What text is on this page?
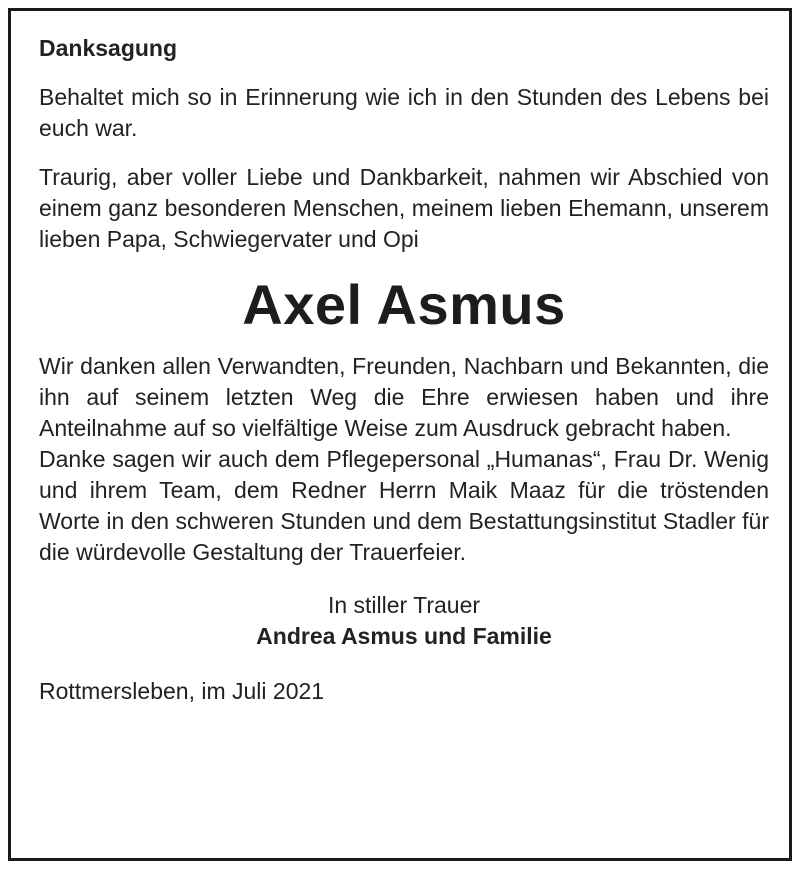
Danksagung

Behaltet mich so in Erinnerung wie ich in den Stunden des Lebens bei euch war.

Traurig, aber voller Liebe und Dankbarkeit, nahmen wir Abschied von einem ganz besonderen Menschen, meinem lieben Ehemann, unserem lieben Papa, Schwiegervater und Opi

Axel Asmus

Wir danken allen Verwandten, Freunden, Nachbarn und Bekannten, die ihn auf seinem letzten Weg die Ehre erwiesen haben und ihre Anteilnahme auf so vielfältige Weise zum Ausdruck gebracht haben.

Danke sagen wir auch dem Pflegepersonal „Humanas“, Frau Dr. Wenig und ihrem Team, dem Redner Herrn Maik Maaz für die tröstenden Worte in den schweren Stunden und dem Bestattungsinstitut Stadler für die würdevolle Gestaltung der Trauerfeier.

In stiller Trauer
Andrea Asmus und Familie
Rottmersleben, im Juli 2021
